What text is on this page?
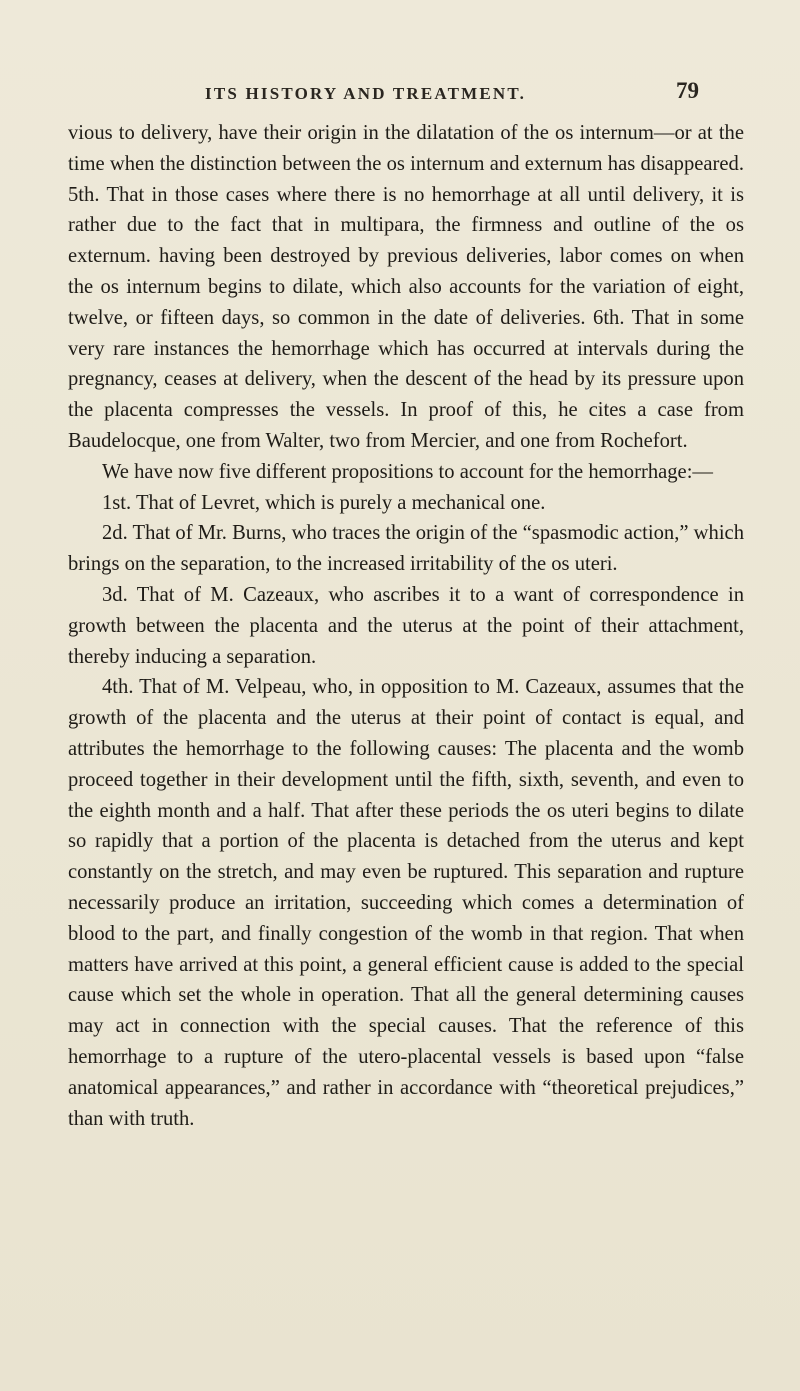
ITS HISTORY AND TREATMENT.	79

vious to delivery, have their origin in the dilatation of the os internum—or at the time when the distinction between the os internum and externum has disappeared. 5th. That in those cases where there is no hemorrhage at all until delivery, it is rather due to the fact that in multipara, the firmness and outline of the os externum. having been destroyed by previous deliveries, labor comes on when the os internum begins to dilate, which also accounts for the variation of eight, twelve, or fifteen days, so common in the date of deliveries. 6th. That in some very rare instances the hemorrhage which has occurred at intervals during the pregnancy, ceases at delivery, when the descent of the head by its pressure upon the placenta compresses the vessels. In proof of this, he cites a case from Baudelocque, one from Walter, two from Mercier, and one from Rochefort.

We have now five different propositions to account for the hemorrhage:—

1st. That of Levret, which is purely a mechanical one.

2d. That of Mr. Burns, who traces the origin of the “spasmodic action,” which brings on the separation, to the increased irritability of the os uteri.

3d. That of M. Cazeaux, who ascribes it to a want of correspondence in growth between the placenta and the uterus at the point of their attachment, thereby inducing a separation.

4th. That of M. Velpeau, who, in opposition to M. Cazeaux, assumes that the growth of the placenta and the uterus at their point of contact is equal, and attributes the hemorrhage to the following causes: The placenta and the womb proceed together in their development until the fifth, sixth, seventh, and even to the eighth month and a half. That after these periods the os uteri begins to dilate so rapidly that a portion of the placenta is detached from the uterus and kept constantly on the stretch, and may even be ruptured. This separation and rupture necessarily produce an irritation, succeeding which comes a determination of blood to the part, and finally congestion of the womb in that region. That when matters have arrived at this point, a general efficient cause is added to the special cause which set the whole in operation. That all the general determining causes may act in connection with the special causes. That the reference of this hemorrhage to a rupture of the utero-placental vessels is based upon “false anatomical appearances,” and rather in accordance with “theoretical prejudices,” than with truth.
